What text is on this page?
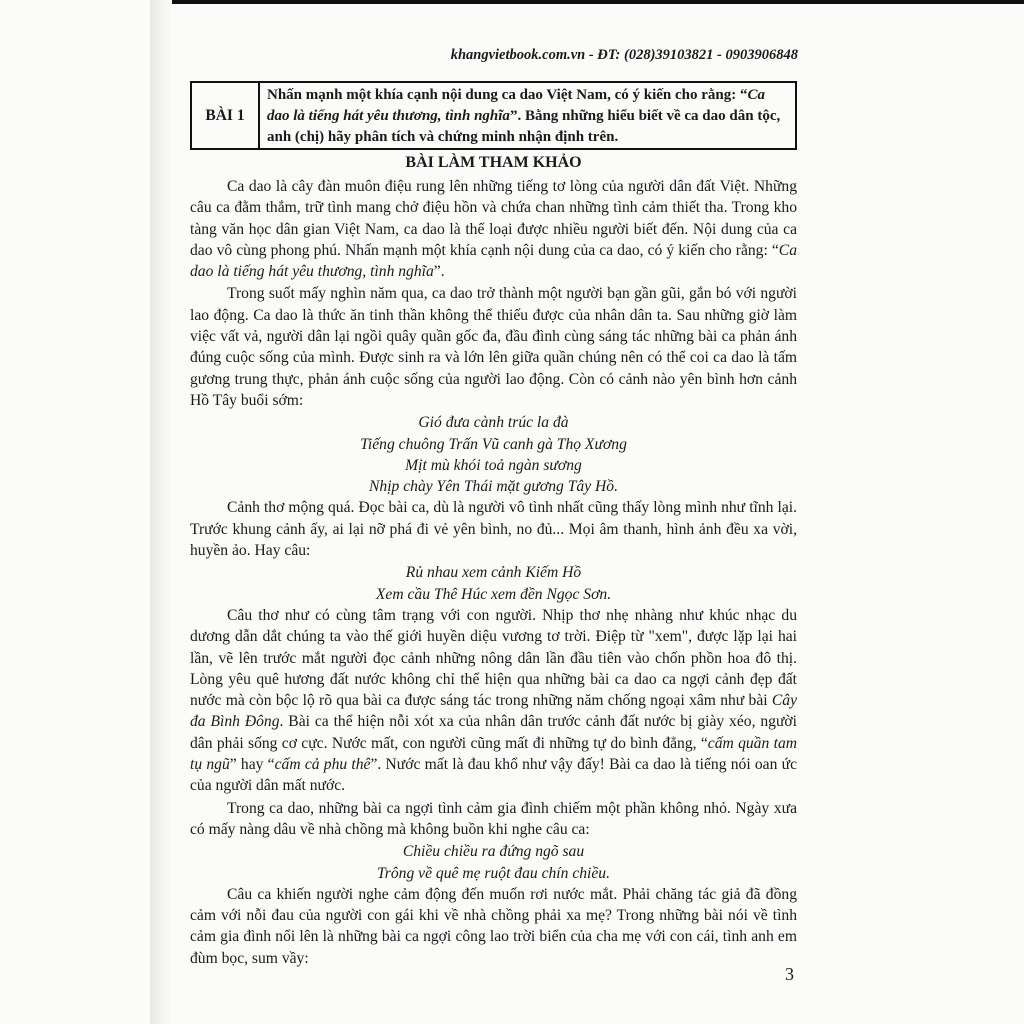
khangvietbook.com.vn - ĐT: (028)39103821 - 0903906848
BÀI 1
Nhấn mạnh một khía cạnh nội dung ca dao Việt Nam, có ý kiến cho rằng: “Ca dao là tiếng hát yêu thương, tình nghĩa”. Bằng những hiểu biết về ca dao dân tộc, anh (chị) hãy phân tích và chứng minh nhận định trên.
BÀI LÀM THAM KHẢO

Ca dao là cây đàn muôn điệu rung lên những tiếng tơ lòng của người dân đất Việt. Những câu ca đằm thắm, trữ tình mang chở điệu hồn và chứa chan những tình cảm thiết tha. Trong kho tàng văn học dân gian Việt Nam, ca dao là thể loại được nhiều người biết đến. Nội dung của ca dao vô cùng phong phú. Nhấn mạnh một khía cạnh nội dung của ca dao, có ý kiến cho rằng: “Ca dao là tiếng hát yêu thương, tình nghĩa”.

Trong suốt mấy nghìn năm qua, ca dao trở thành một người bạn gần gũi, gắn bó với người lao động. Ca dao là thức ăn tinh thần không thể thiếu được của nhân dân ta. Sau những giờ làm việc vất vả, người dân lại ngồi quây quần gốc đa, đầu đình cùng sáng tác những bài ca phản ánh đúng cuộc sống của mình. Được sinh ra và lớn lên giữa quần chúng nên có thể coi ca dao là tấm gương trung thực, phản ánh cuộc sống của người lao động. Còn có cảnh nào yên bình hơn cảnh Hồ Tây buổi sớm:

Gió đưa cành trúc la đà

Tiếng chuông Trấn Vũ canh gà Thọ Xương

Mịt mù khói toả ngàn sương

Nhịp chày Yên Thái mặt gương Tây Hồ.

Cảnh thơ mộng quá. Đọc bài ca, dù là người vô tình nhất cũng thấy lòng mình như tĩnh lại. Trước khung cảnh ấy, ai lại nỡ phá đi vẻ yên bình, no đủ... Mọi âm thanh, hình ảnh đều xa vời, huyền ảo. Hay câu:

Rủ nhau xem cảnh Kiếm Hồ

Xem cầu Thê Húc xem đền Ngọc Sơn.

Câu thơ như có cùng tâm trạng với con người. Nhịp thơ nhẹ nhàng như khúc nhạc du dương dẫn dắt chúng ta vào thế giới huyền diệu vương tơ trời. Điệp từ "xem", được lặp lại hai lần, vẽ lên trước mắt người đọc cảnh những nông dân lần đầu tiên vào chốn phồn hoa đô thị. Lòng yêu quê hương đất nước không chỉ thể hiện qua những bài ca dao ca ngợi cảnh đẹp đất nước mà còn bộc lộ rõ qua bài ca được sáng tác trong những năm chống ngoại xâm như bài Cây đa Bình Đông. Bài ca thể hiện nỗi xót xa của nhân dân trước cảnh đất nước bị giày xéo, người dân phải sống cơ cực. Nước mất, con người cũng mất đi những tự do bình đẳng, “cấm quần tam tụ ngũ” hay “cấm cả phu thê”. Nước mất là đau khổ như vậy đấy! Bài ca dao là tiếng nói oan ức của người dân mất nước.

Trong ca dao, những bài ca ngợi tình cảm gia đình chiếm một phần không nhỏ. Ngày xưa có mấy nàng dâu về nhà chồng mà không buồn khi nghe câu ca:

Chiều chiều ra đứng ngõ sau

Trông về quê mẹ ruột đau chín chiều.

Câu ca khiến người nghe cảm động đến muốn rơi nước mắt. Phải chăng tác giả đã đồng cảm với nỗi đau của người con gái khi về nhà chồng phải xa mẹ? Trong những bài nói về tình cảm gia đình nổi lên là những bài ca ngợi công lao trời biển của cha mẹ với con cái, tình anh em đùm bọc, sum vầy:

3
